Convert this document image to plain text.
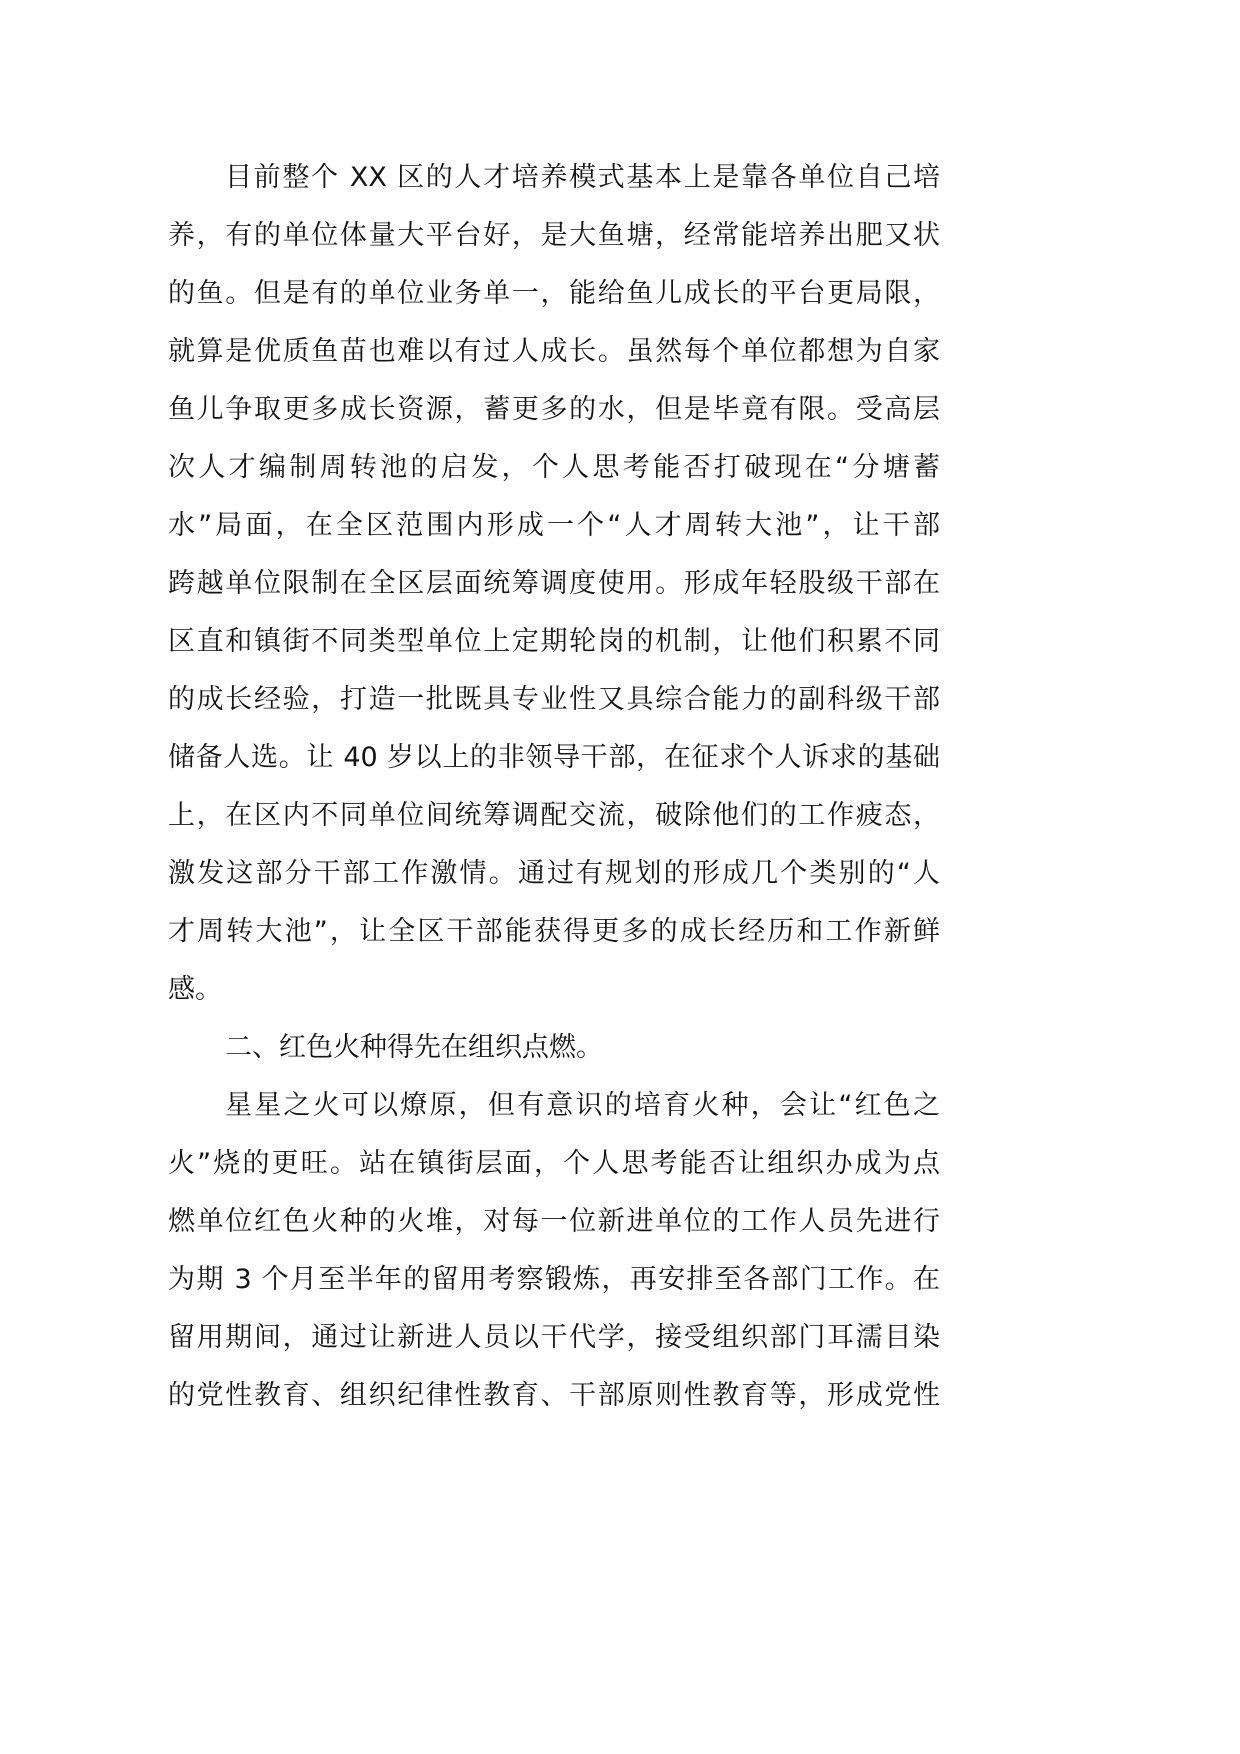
目前整个 XX 区的人才培养模式基本上是靠各单位自己培
养，有的单位体量大平台好，是大鱼塘，经常能培养出肥又状
的鱼。但是有的单位业务单一，能给鱼儿成长的平台更局限，
就算是优质鱼苗也难以有过人成长。虽然每个单位都想为自家
鱼儿争取更多成长资源，蓄更多的水，但是毕竟有限。受高层
次人才编制周转池的启发，个人思考能否打破现在“分塘蓄
水”局面，在全区范围内形成一个“人才周转大池”，让干部
跨越单位限制在全区层面统筹调度使用。形成年轻股级干部在
区直和镇街不同类型单位上定期轮岗的机制，让他们积累不同
的成长经验，打造一批既具专业性又具综合能力的副科级干部
储备人选。让 40 岁以上的非领导干部，在征求个人诉求的基础
上，在区内不同单位间统筹调配交流，破除他们的工作疲态，
激发这部分干部工作激情。通过有规划的形成几个类别的“人
才周转大池”，让全区干部能获得更多的成长经历和工作新鲜
感。
二、红色火种得先在组织点燃。
星星之火可以燎原，但有意识的培育火种，会让“红色之
火”烧的更旺。站在镇街层面，个人思考能否让组织办成为点
燃单位红色火种的火堆，对每一位新进单位的工作人员先进行
为期 3 个月至半年的留用考察锻炼，再安排至各部门工作。在
留用期间，通过让新进人员以干代学，接受组织部门耳濡目染
的党性教育、组织纪律性教育、干部原则性教育等，形成党性
